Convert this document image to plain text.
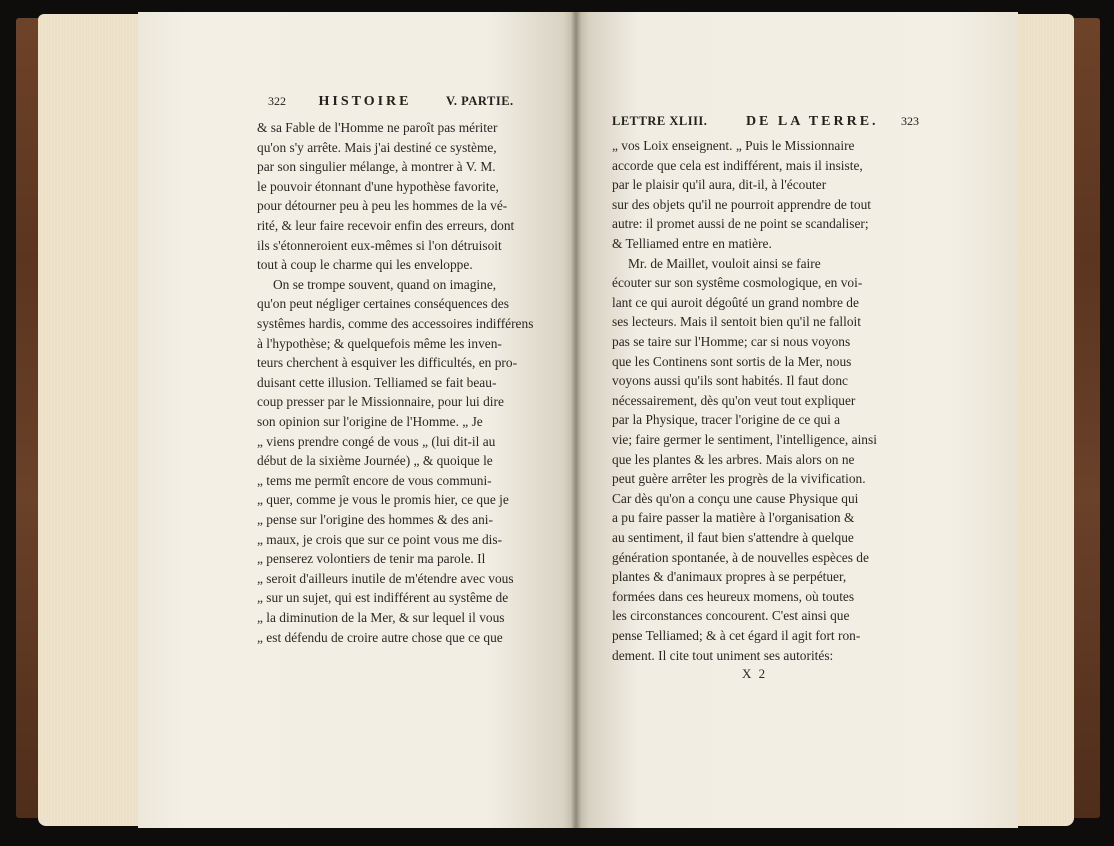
322 HISTOIRE	V. PARTIE.
LETTRE XLIII.	DE LA TERRE. 323
& sa Fable de l'Homme ne paroît pas mériter
qu'on s'y arrête. Mais j'ai destiné ce système,
par son singulier mélange, à montrer à V. M.
le pouvoir étonnant d'une hypothèse favorite,
pour détourner peu à peu les hommes de la vé-
rité, & leur faire recevoir enfin des erreurs, dont
ils s'étonneroient eux-mêmes si l'on détruisoit
tout à coup le charme qui les enveloppe.
On se trompe souvent, quand on imagine,
qu'on peut négliger certaines conséquences des
systêmes hardis, comme des accessoires indifférens
à l'hypothèse; & quelquefois même les inven-
teurs cherchent à esquiver les difficultés, en pro-
duisant cette illusion. Telliamed se fait beau-
coup presser par le Missionnaire, pour lui dire
son opinion sur l'origine de l'Homme. „ Je
„ viens prendre congé de vous „ (lui dit-il au
début de la sixième Journée) „ & quoique le
„ tems me permît encore de vous communi-
„ quer, comme je vous le promis hier, ce que je
„ pense sur l'origine des hommes & des ani-
„ maux, je crois que sur ce point vous me dis-
„ penserez volontiers de tenir ma parole. Il
„ seroit d'ailleurs inutile de m'étendre avec vous
„ sur un sujet, qui est indifférent au systême de
„ la diminution de la Mer, & sur lequel il vous
„ est défendu de croire autre chose que ce que
„ vos Loix enseignent. „ Puis le Missionnaire
accorde que cela est indifférent, mais il insiste,
par le plaisir qu'il aura, dit-il, à l'écouter
sur des objets qu'il ne pourroit apprendre de tout
autre: il promet aussi de ne point se scandaliser;
& Telliamed entre en matière.
Mr. de Maillet, vouloit ainsi se faire
écouter sur son systême cosmologique, en voi-
lant ce qui auroit dégoûté un grand nombre de
ses lecteurs. Mais il sentoit bien qu'il ne falloit
pas se taire sur l'Homme; car si nous voyons
que les Continens sont sortis de la Mer, nous
voyons aussi qu'ils sont habités. Il faut donc
nécessairement, dès qu'on veut tout expliquer
par la Physique, tracer l'origine de ce qui a
vie; faire germer le sentiment, l'intelligence, ainsi
que les plantes & les arbres. Mais alors on ne
peut guère arrêter les progrès de la vivification.
Car dès qu'on a conçu une cause Physique qui
a pu faire passer la matière à l'organisation &
au sentiment, il faut bien s'attendre à quelque
génération spontanée, à de nouvelles espèces de
plantes & d'animaux propres à se perpétuer,
formées dans ces heureux momens, où toutes
les circonstances concourent. C'est ainsi que
pense Telliamed; & à cet égard il agit fort ron-
dement. Il cite tout uniment ses autorités:
X 2
